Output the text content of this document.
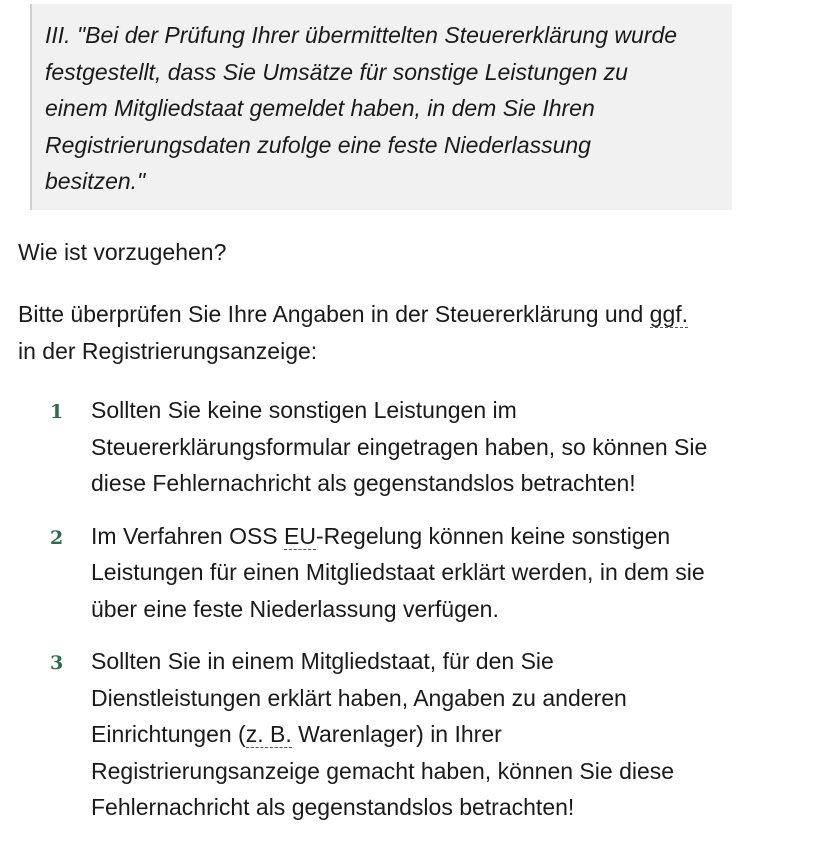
III. "Bei der Prüfung Ihrer übermittelten Steuererklärung wurde
festgestellt, dass Sie Umsätze für sonstige Leistungen zu
einem Mitgliedstaat gemeldet haben, in dem Sie Ihren
Registrierungsdaten zufolge eine feste Niederlassung
besitzen."

Wie ist vorzugehen?

Bitte überprüfen Sie Ihre Angaben in der Steuererklärung und ggf.
in der Registrierungsanzeige:

1 Sollten Sie keine sonstigen Leistungen im
Steuererklärungsformular eingetragen haben, so können Sie
diese Fehlernachricht als gegenstandslos betrachten!
2 Im Verfahren OSS EU-Regelung können keine sonstigen
Leistungen für einen Mitgliedstaat erklärt werden, in dem sie
über eine feste Niederlassung verfügen.
3 Sollten Sie in einem Mitgliedstaat, für den Sie
Dienstleistungen erklärt haben, Angaben zu anderen
Einrichtungen (z. B. Warenlager) in Ihrer
Registrierungsanzeige gemacht haben, können Sie diese
Fehlernachricht als gegenstandslos betrachten!
